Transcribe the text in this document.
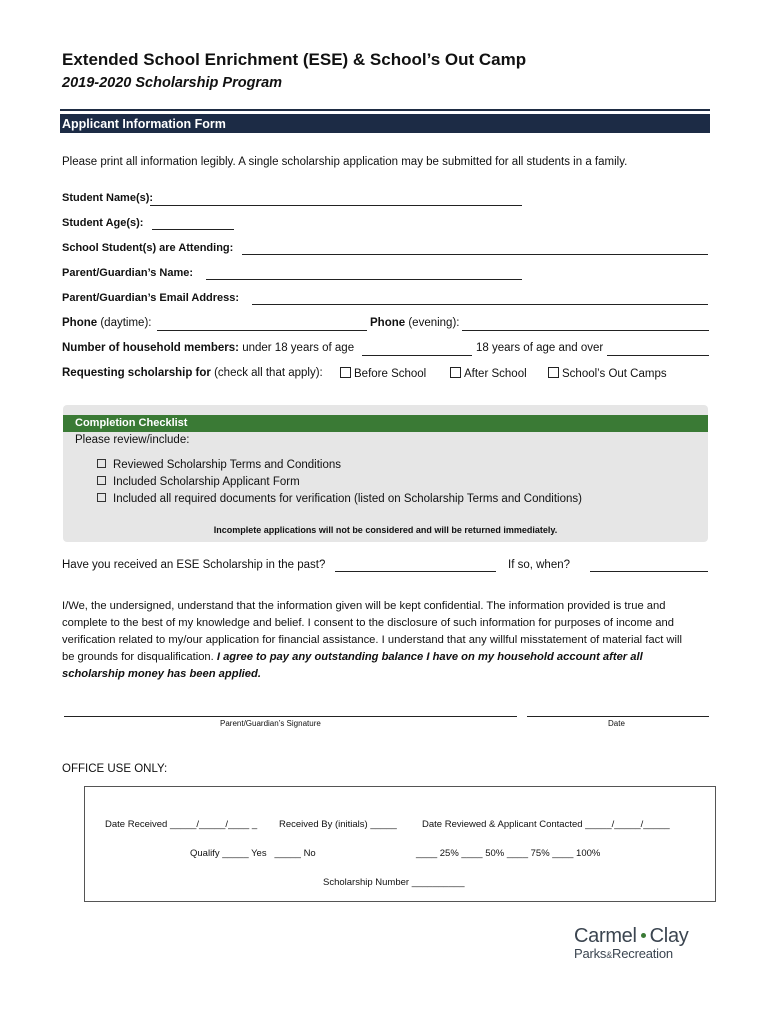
Extended School Enrichment (ESE) & School’s Out Camp
2019-2020 Scholarship Program
Applicant Information Form
Please print all information legibly. A single scholarship application may be submitted for all students in a family.
Student Name(s):
Student Age(s):
School Student(s) are Attending:
Parent/Guardian’s Name:
Parent/Guardian’s Email Address:
Phone (daytime):	Phone (evening):
Number of household members: under 18 years of age	18 years of age and over
Requesting scholarship for (check all that apply):	Before School	After School	School’s Out Camps
Completion Checklist
Please review/include:
Reviewed Scholarship Terms and Conditions
Included Scholarship Applicant Form
Included all required documents for verification (listed on Scholarship Terms and Conditions)
Incomplete applications will not be considered and will be returned immediately.
Have you received an ESE Scholarship in the past?	If so, when?
I/We, the undersigned, understand that the information given will be kept confidential. The information provided is true and complete to the best of my knowledge and belief. I consent to the disclosure of such information for purposes of income and verification related to my/our application for financial assistance. I understand that any willful misstatement of material fact will be grounds for disqualification. I agree to pay any outstanding balance I have on my household account after all scholarship money has been applied.
Parent/Guardian’s Signature	Date
OFFICE USE ONLY:
Date Received _____/_____/____ _ Received By (initials) _____	Date Reviewed & Applicant Contacted _____/_____/_____
Qualify _____ Yes   _____ No	____ 25% ____ 50% ____ 75% ____ 100%
Scholarship Number __________
Carmel Clay
Parks&Recreation
